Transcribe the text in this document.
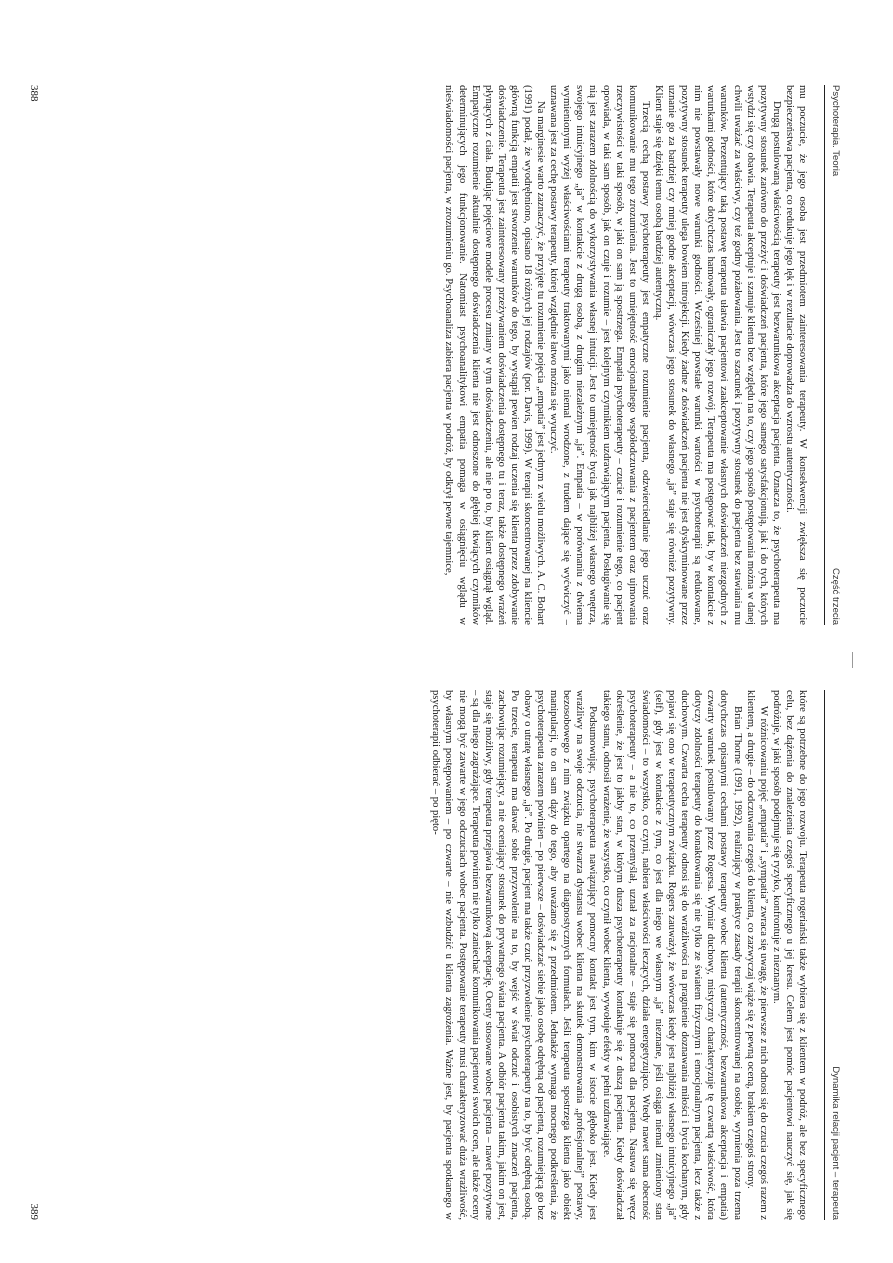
Psychoterapia. Teoria
Część trzecia

mu poczucie, że jego osoba jest przedmiotem zainteresowania terapeuty. W konsekwencji zwiększa się poczucie bezpieczeństwa pacjenta, co redukuje jego lęk i w rezultacie doprowadza do wzrostu autentyczności.

Drugą postulowaną właściwością terapeuty jest bezwarunkowa akceptacja pacjenta. Oznacza to, że psychoterapeuta ma pozytywny stosunek zarówno do przeżyć i doświadczeń pacjenta, które jego samego satysfakcjonują, jak i do tych, których wstydzi się czy obawia. Terapeuta akceptuje i szanuje klienta bez względu na to, czy jego sposób postępowania można w danej chwili uważać za właściwy, czy też godny pożałowania. Jest to szacunek i pozytywny stosunek do pacjenta bez stawiania mu warunków. Prezentujący taką postawę terapeuta ułatwia pacjentowi zaakceptowanie własnych doświadczeń niezgodnych z warunkami godności, które dotychczas hamowały, ograniczały jego rozwój. Terapeuta ma postępować tak, by w kontakcie z nim nie powstawały nowe warunki godności. Wcześniej powstałe warunki wartości w psychoterapii są redukowane, pozytywny stosunek terapeuty ulega bowiem introjekcji. Kiedy żadne z doświadczeń pacjenta nie jest dyskryminowane przez uznanie go za bardziej czy mniej godne akceptacji, wówczas jego stosunek do własnego „ja” staje się również pozytywny. Klient staje się dzięki temu osobą bardziej autentyczną.

Trzecią cechą postawy psychoterapeuty jest empatyczne rozumienie pacjenta, odzwierciedlanie jego uczuć oraz komunikowanie mu tego zrozumienia. Jest to umiejętność emocjonalnego współodczuwania z pacjentem oraz ujmowania rzeczywistości w taki sposób, w jaki on sam ją spostrzega. Empatia psychoterapeuty – czucie i rozumienie tego, co pacjent opowiada, w taki sam sposób, jak on czuje i rozumie – jest kolejnym czynnikiem uzdrawiającym pacjenta. Posługiwanie się nią jest zarazem zdolnością do wykorzystywania własnej intuicji. Jest to umiejętność bycia jak najbliżej własnego wnętrza, swojego intuicyjnego „ja” w kontakcie z drugą osobą, z drugim niezależnym „ja”. Empatia – w porównaniu z dwiema wymienionymi wyżej właściwościami terapeuty traktowanymi jako niemal wrodzone, z trudem dające się wyćwiczyć – uznawana jest za cechę postawy terapeuty, której względnie łatwo można się wyuczyć.

Na marginesie warto zaznaczyć, że przyjęte tu rozumienie pojęcia „empatia” jest jednym z wielu możliwych. A. C. Bohart (1991) podał, że wyodrębniono, opisano 18 różnych jej rodzajów (por. Davis, 1999). W terapii skoncentrowanej na kliencie główną funkcją empatii jest stworzenie warunków do tego, by wystąpił pewien rodzaj uczenia się klienta przez zdobywanie doświadczenie. Terapeuta jest zainteresowany przeżywaniem doświadczenia dostępnego tu i teraz, także dostępnego wrażeń płynących z ciała. Budując pojęciowe modele procesu zmiany w tym doświadczeniu, ale nie po to, by klient osiągnął wgląd. Empatyczne rozumienie aktualnie dostępnego doświadczenia klienta nie jest odnoszone do głębiej tkwiących czynników determinujących jego funkcjonowanie. Natomiast psychoanalitykowi empatia pomaga w osiągnięciu wglądu w nieświadomości pacjenta, w zrozumieniu go. Psychoanaliza zabiera pacjenta w podróż, by odkrył pewne tajemnice,

388
Dynamika relacji pacjent – terapeuta

które są potrzebne do jego rozwoju. Terapeuta rogeriański także wybiera się z klientem w podróż, ale bez specyficznego celu, bez dążenia do znalezienia czegoś specyficznego u jej kresu. Celem jest pomóc pacjentowi nauczyć się, jak się podróżuje, w jaki sposób podejmuje się ryzyko, konfrontuje z nieznanym.

W różnicowaniu pojęć „empatia” i „sympatia” zwraca się uwagę, że pierwsze z nich odnosi się do czucia czegoś razem z klientem, a drugie – do odczuwania czegoś do klienta, co zazwyczaj wiąże się z pewną oceną, brakiem czegoś strony.

Brian Thorne (1991, 1992), realizujący w praktyce zasady terapii skoncentrowanej na osobie, wymienia poza trzema dotychczas opisanymi cechami postawy terapeuty wobec klienta (autentyczność, bezwarunkowa akceptacja i empatia) czwarty warunek postulowany przez Rogersa. Wymiar duchowy, mistyczny charakteryzuje tę czwartą właściwość, która dotyczy zdolności terapeuty do konaktowania się nie tylko ze światem fizycznym i emocjonalnym pacjenta, lecz także z duchowym. Czwarta cecha terapeuty odnosi się do wrażliwości na pragnienie doznawania miłości i bycia kochanym, gdy pojawi się ono w terapeutycznym związku. Rogers zauważył, że wówczas kiedy jest najbliżej własnego intuicyjnego „ja” (self), gdy jest w kontakcie z tym, co jest dla niego we własnym „ja” nieznane, jeśli osiąga niemal zmieniony stan świadomości – to wszystko, co czyni, nabiera właściwości leczących, działa energetyzująco. Wtedy nawet sama obecność psychoterapeuty – a nie to, co przemyślał, uznał za racjonalne – staje się pomocna dla pacjenta. Nasuwa się wręcz określenie, że jest to jakby stan, w którym dusza psychoterapeuty kontaktuje się z duszą pacjenta. Kiedy doświadczał takiego stanu, odnosił wrażenie, że wszystko, co czynił wobec klienta, wywołuje efekty w pełni uzdrawiające.

Podsumowując, psychoterapeuta nawiązujący pomocny kontakt jest tym, kim w istocie głęboko jest. Kiedy jest wrażliwy na swoje odczucia, nie stwarza dystansu wobec klienta na skutek demonstrowania „profesjonalnej” postawy, bezosobowego z nim związku opartego na diagnostycznych formułach. Jeśli terapeuta spostrzega klienta jako obiekt manipulacji, to on sam dąży do tego, aby uważano się z przedmiotem. Jednakże wymaga mocnego podkreślenia, że psychoterapeuta zarazem powinien – po pierwsze – doświadczać siebie jako osobę odrębną od pacjenta, rozumiejącą go bez obawy o utratę własnego „ja”. Po drugie, pacjent ma także czuć przyzwolenie psychoterapeuty na to, by być odrębną osobą. Po trzecie, terapeuta ma dawać sobie przyzwolenie na to, by wejść w świat odczuć i osobistych znaczeń pacjenta, zachowując rozumiejący, a nie oceniający stosunek do prywatnego świata pacjenta. A odbiór pacjenta takim, jakim on jest, staje się możliwy, gdy terapeuta przejawia bezwarunkową akceptację. Oceny stosowane wobec pacjenta – nawet pozytywne – są dla niego zagrażające. Terapeuta powinien nie tylko zaniechać komunikowania pacjentowi swoich ocen, ale także oceny nie mogą być zawarte w jego odczuciach wobec pacjenta. Postępowanie terapeuty musi charakteryzować duża wrażliwość, by własnym postępowaniem – po czwarte – nie wzbudzić u klienta zagrożenia. Ważne jest, by pacjenta spotkanego w psychoterapii odbierać – po pięto-

389
